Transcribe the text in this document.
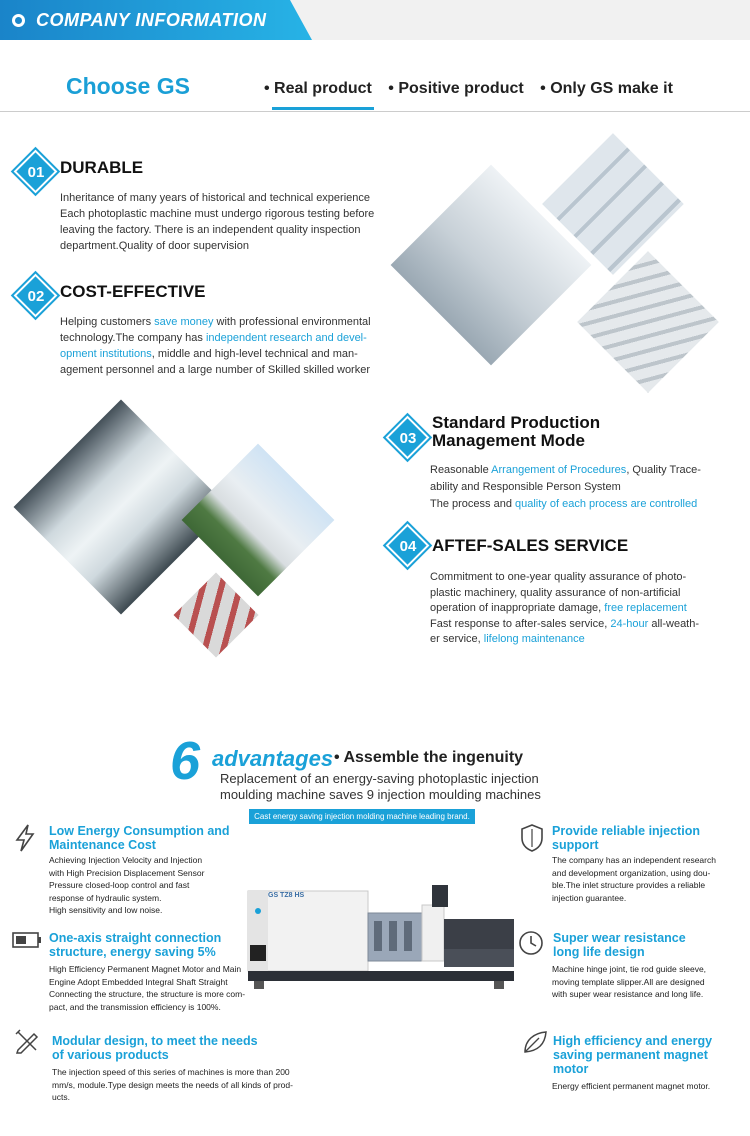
COMPANY INFORMATION
Choose GS	• Real product • Positive product • Only GS make it
01 DURABLE
Inheritance of many years of historical and technical experience
Each photoplastic machine must undergo rigorous testing before
leaving the factory. There is an independent quality inspection
department.Quality of door supervision
02 COST-EFFECTIVE
Helping customers save money with professional environmental
technology.The company has independent research and devel-
opment institutions, middle and high-level technical and man-
agement personnel and a large number of Skilled skilled worker
03
Standard Production
Management Mode
Reasonable Arrangement of Procedures, Quality Trace-
ability and Responsible Person System
The process and quality of each process are controlled
04 AFTEF-SALES SERVICE
Commitment to one-year quality assurance of photo-
plastic machinery, quality assurance of non-artificial
operation of inappropriate damage, free replacement
Fast response to after-sales service, 24-hour all-weath-
er service, lifelong maintenance
6 advantages • Assemble the ingenuity
Replacement of an energy-saving photoplastic injection
moulding machine saves 9 injection moulding machines
Cast energy saving injection molding machine leading brand.
GS TZ8 HS
Low Energy Consumption and
Maintenance Cost
Achieving Injection Velocity and Injection
with High Precision Displacement Sensor
Pressure closed-loop control and fast
response of hydraulic system.
High sensitivity and low noise.
One-axis straight connection
structure, energy saving 5%
High Efficiency Permanent Magnet Motor and Main
Engine Adopt Embedded Integral Shaft Straight
Connecting the structure, the structure is more com-
pact, and the transmission efficiency is 100%.
Modular design, to meet the needs
of various products
The injection speed of this series of machines is more than 200
mm/s, module.Type design meets the needs of all kinds of prod-
ucts.
Provide reliable injection
support
The company has an independent research
and development organization, using dou-
ble.The inlet structure provides a reliable
injection guarantee.
Super wear resistance
long life design
Machine hinge joint, tie rod guide sleeve,
moving template slipper.All are designed
with super wear resistance and long life.
High efficiency and energy
saving permanent magnet
motor
Energy efficient permanent magnet motor.
